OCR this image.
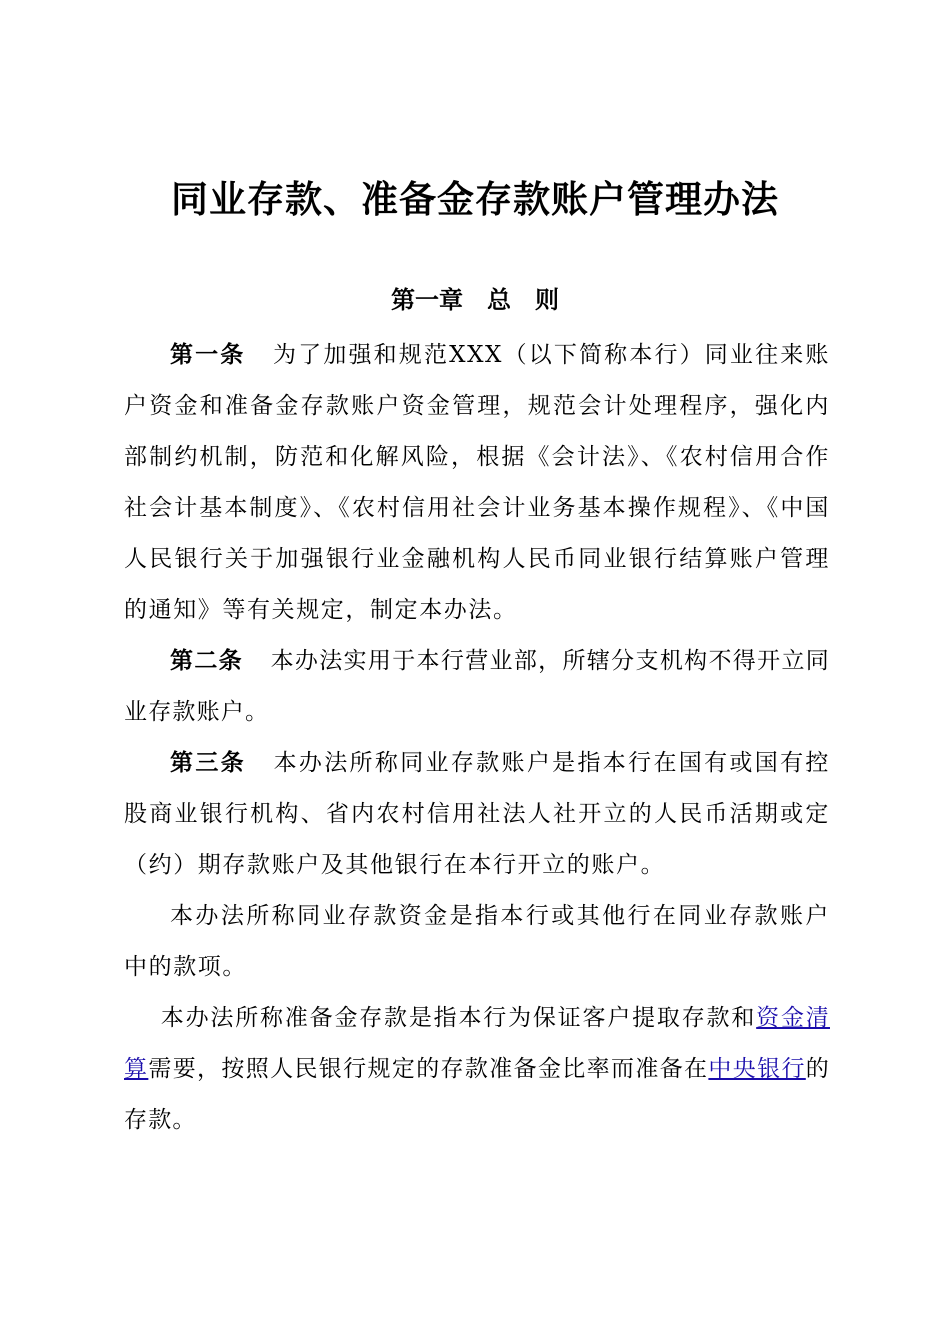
同业存款、准备金存款账户管理办法
第一章　总　则

第一条 为了加强和规范XXX（以下简称本行）同业往来账户资金和准备金存款账户资金管理，规范会计处理程序，强化内部制约机制，防范和化解风险，根据《会计法》、《农村信用合作社会计基本制度》、《农村信用社会计业务基本操作规程》、《中国人民银行关于加强银行业金融机构人民币同业银行结算账户管理的通知》等有关规定，制定本办法。

第二条 本办法实用于本行营业部，所辖分支机构不得开立同业存款账户。

第三条 本办法所称同业存款账户是指本行在国有或国有控股商业银行机构、省内农村信用社法人社开立的人民币活期或定（约）期存款账户及其他银行在本行开立的账户。

本办法所称同业存款资金是指本行或其他行在同业存款账户中的款项。

本办法所称准备金存款是指本行为保证客户提取存款和资金清算需要，按照人民银行规定的存款准备金比率而准备在中央银行的存款。
